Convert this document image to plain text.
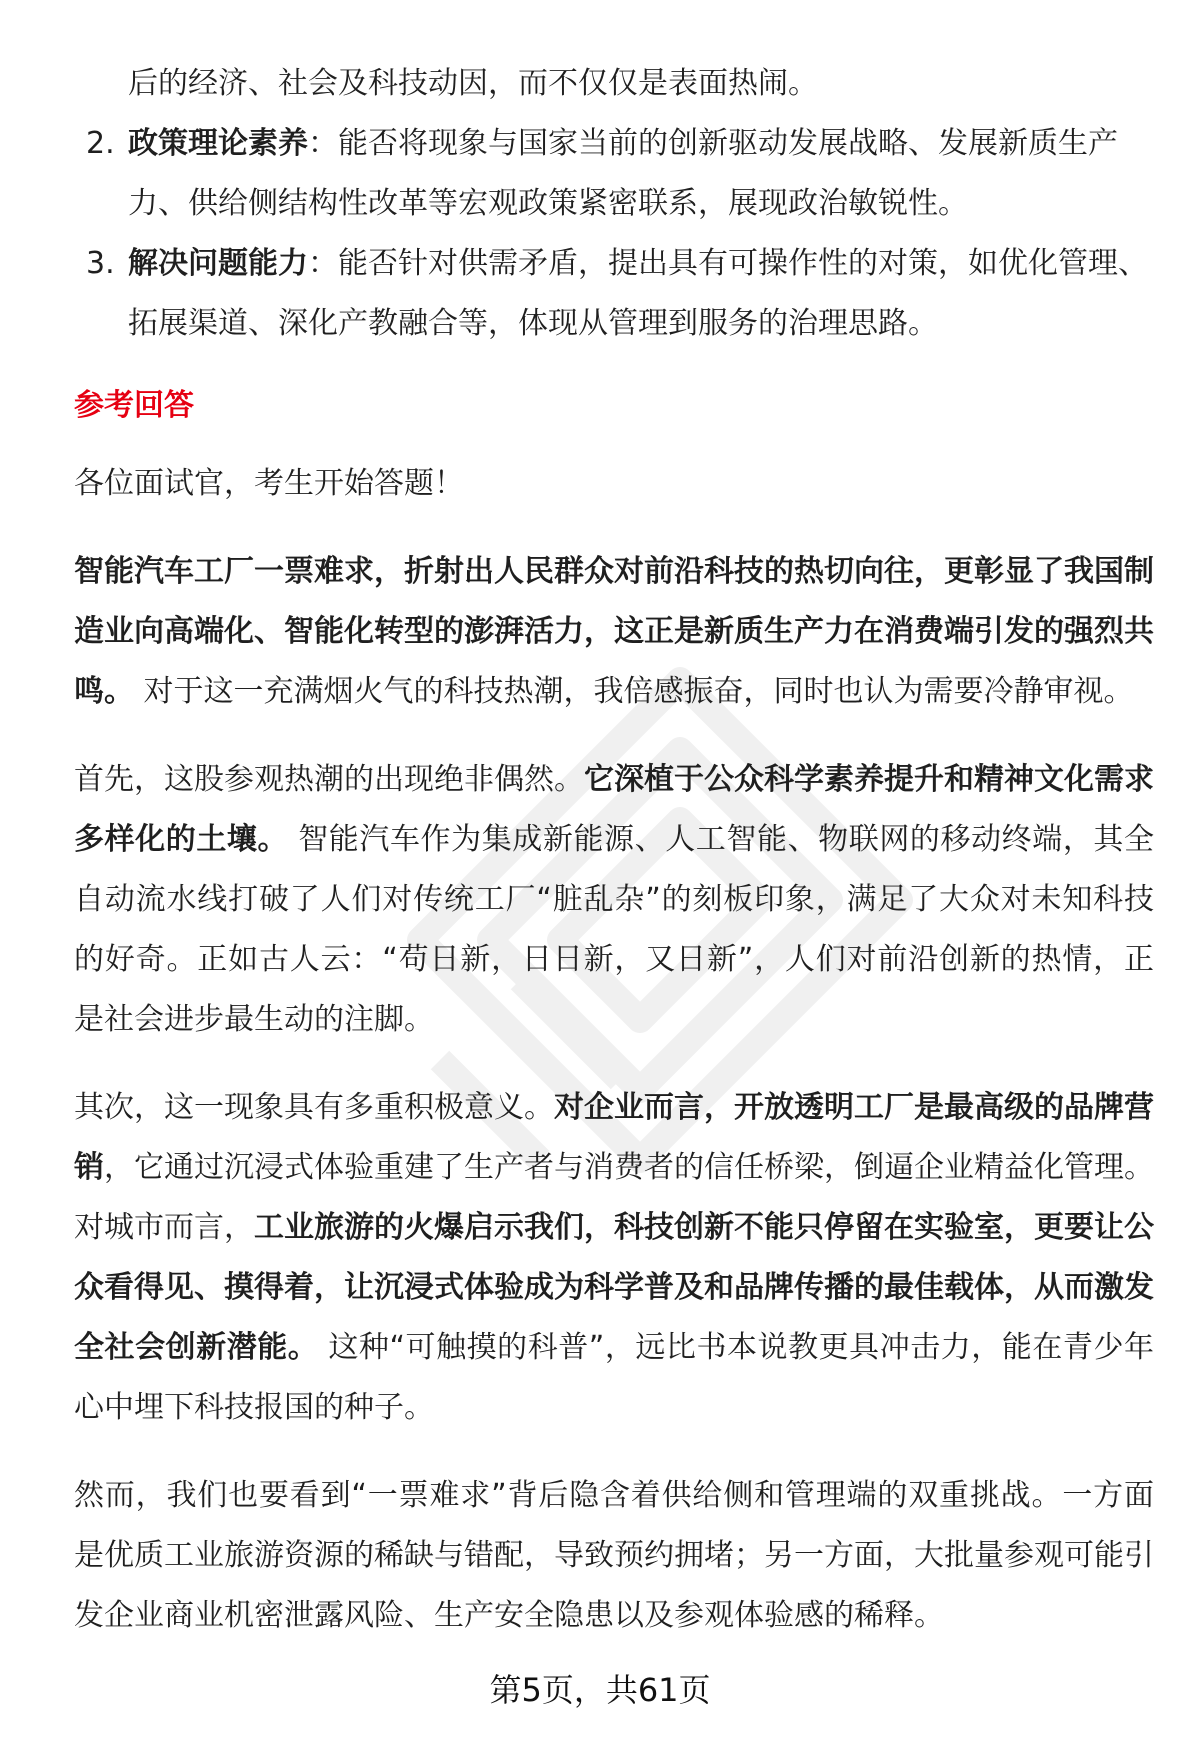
后的经济、社会及科技动因，而不仅仅是表面热闹。

2. 政策理论素养：能否将现象与国家当前的创新驱动发展战略、发展新质生产力、供给侧结构性改革等宏观政策紧密联系，展现政治敏锐性。
3. 解决问题能力：能否针对供需矛盾，提出具有可操作性的对策，如优化管理、拓展渠道、深化产教融合等，体现从管理到服务的治理思路。
参考回答

各位面试官，考生开始答题！

智能汽车工厂一票难求，折射出人民群众对前沿科技的热切向往，更彰显了我国制造业向高端化、智能化转型的澎湃活力，这正是新质生产力在消费端引发的强烈共鸣。 对于这一充满烟火气的科技热潮，我倍感振奋，同时也认为需要冷静审视。

首先，这股参观热潮的出现绝非偶然。它深植于公众科学素养提升和精神文化需求多样化的土壤。 智能汽车作为集成新能源、人工智能、物联网的移动终端，其全自动流水线打破了人们对传统工厂“脏乱杂”的刻板印象，满足了大众对未知科技的好奇。正如古人云：“苟日新，日日新，又日新”，人们对前沿创新的热情，正是社会进步最生动的注脚。

其次，这一现象具有多重积极意义。对企业而言，开放透明工厂是最高级的品牌营销，它通过沉浸式体验重建了生产者与消费者的信任桥梁，倒逼企业精益化管理。对城市而言，工业旅游的火爆启示我们，科技创新不能只停留在实验室，更要让公众看得见、摸得着，让沉浸式体验成为科学普及和品牌传播的最佳载体，从而激发全社会创新潜能。 这种“可触摸的科普”，远比书本说教更具冲击力，能在青少年心中埋下科技报国的种子。

然而，我们也要看到“一票难求”背后隐含着供给侧和管理端的双重挑战。一方面是优质工业旅游资源的稀缺与错配，导致预约拥堵；另一方面，大批量参观可能引发企业商业机密泄露风险、生产安全隐患以及参观体验感的稀释。

第5页，共61页
